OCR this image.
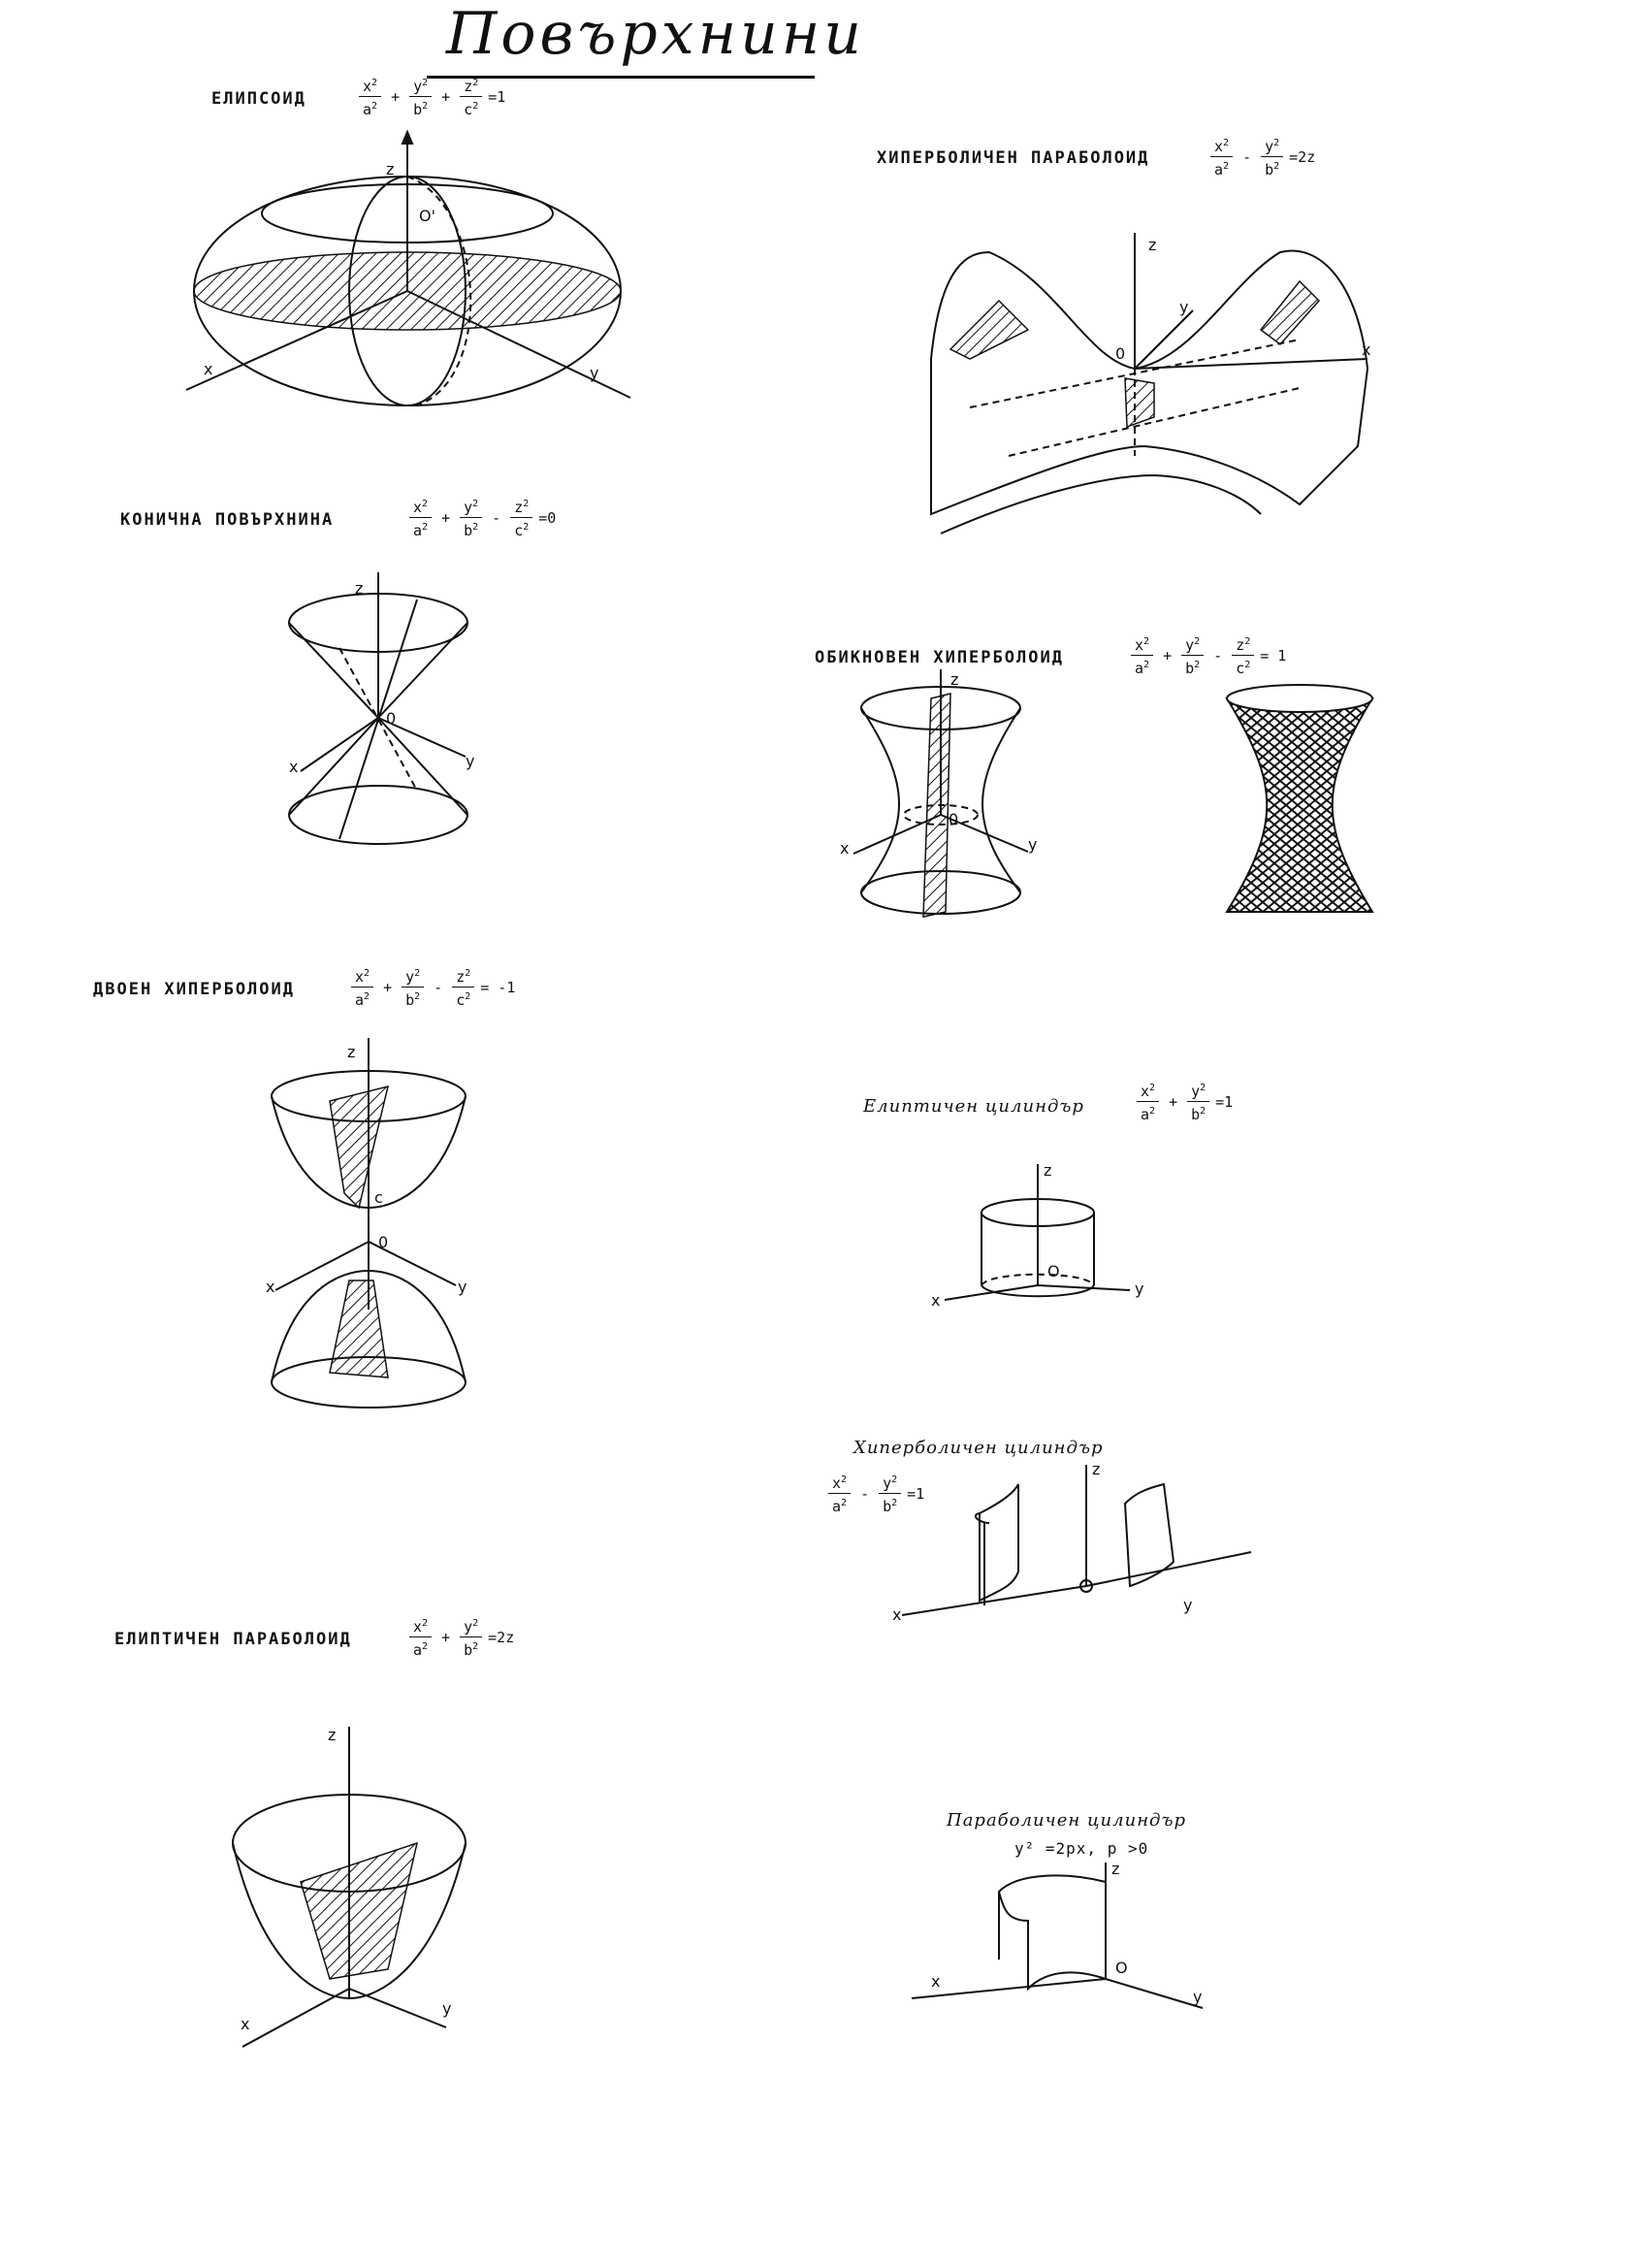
Повърхнини
ЕЛИПСОИД	$\frac{x^2}{a^2} + \frac{y^2}{b^2} + \frac{z^2}{c^2} =1$
z
O'
x	y
ХИПЕРБОЛИЧЕН ПАРАБОЛОИД	$\frac{x^2}{a^2} - \frac{y^2}{b^2} =2z$
z
y
x
0
КОНИЧНА ПОВЪРХНИНА	$\frac{x^2}{a^2} + \frac{y^2}{b^2} - \frac{z^2}{c^2} =0$
z
x	y
0
ОБИКНОВЕН ХИПЕРБОЛОИД	$\frac{x^2}{a^2} + \frac{y^2}{b^2} - \frac{z^2}{c^2} = 1$
z
x	y
0
ДВОЕН ХИПЕРБОЛОИД	$\frac{x^2}{a^2} + \frac{y^2}{b^2} - \frac{z^2}{c^2} = -1$
z
0
x	y
c
Елиптичен цилиндър	$\frac{x^2}{a^2} + \frac{y^2}{b^2} =1$
z
x
y
O
Хиперболичен цилиндър
$\frac{x^2}{a^2} - \frac{y^2}{b^2} =1$
z
x
y
ЕЛИПТИЧЕН ПАРАБОЛОИД	$\frac{x^2}{a^2} + \frac{y^2}{b^2} =2z$
z
x
y
Параболичен цилиндър
y² =2px, p >0
z
x
y
O
